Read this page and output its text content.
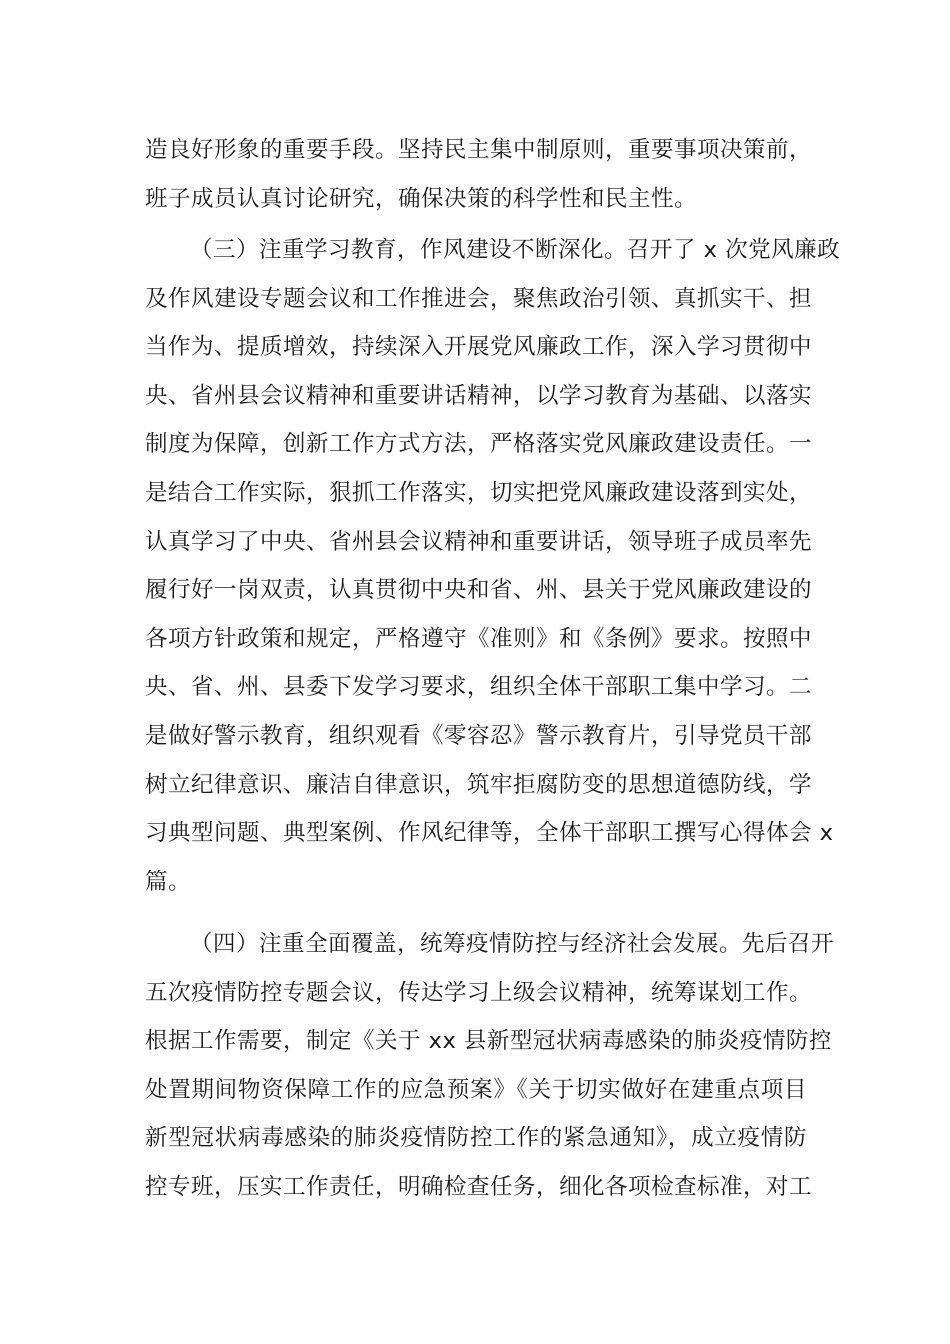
造良好形象的重要手段。坚持民主集中制原则，重要事项决策前，
班子成员认真讨论研究，确保决策的科学性和民主性。

（三）注重学习教育，作风建设不断深化。召开了 x 次党风廉政
及作风建设专题会议和工作推进会，聚焦政治引领、真抓实干、担
当作为、提质增效，持续深入开展党风廉政工作，深入学习贯彻中
央、省州县会议精神和重要讲话精神，以学习教育为基础、以落实
制度为保障，创新工作方式方法，严格落实党风廉政建设责任。一
是结合工作实际，狠抓工作落实，切实把党风廉政建设落到实处，
认真学习了中央、省州县会议精神和重要讲话，领导班子成员率先
履行好一岗双责，认真贯彻中央和省、州、县关于党风廉政建设的
各项方针政策和规定，严格遵守《准则》和《条例》要求。按照中
央、省、州、县委下发学习要求，组织全体干部职工集中学习。二
是做好警示教育，组织观看《零容忍》警示教育片，引导党员干部
树立纪律意识、廉洁自律意识，筑牢拒腐防变的思想道德防线，学
习典型问题、典型案例、作风纪律等，全体干部职工撰写心得体会 x
篇。

（四）注重全面覆盖，统筹疫情防控与经济社会发展。先后召开
五次疫情防控专题会议，传达学习上级会议精神，统筹谋划工作。
根据工作需要，制定《关于 xx 县新型冠状病毒感染的肺炎疫情防控
处置期间物资保障工作的应急预案》《关于切实做好在建重点项目
新型冠状病毒感染的肺炎疫情防控工作的紧急通知》，成立疫情防
控专班，压实工作责任，明确检查任务，细化各项检查标准，对工
